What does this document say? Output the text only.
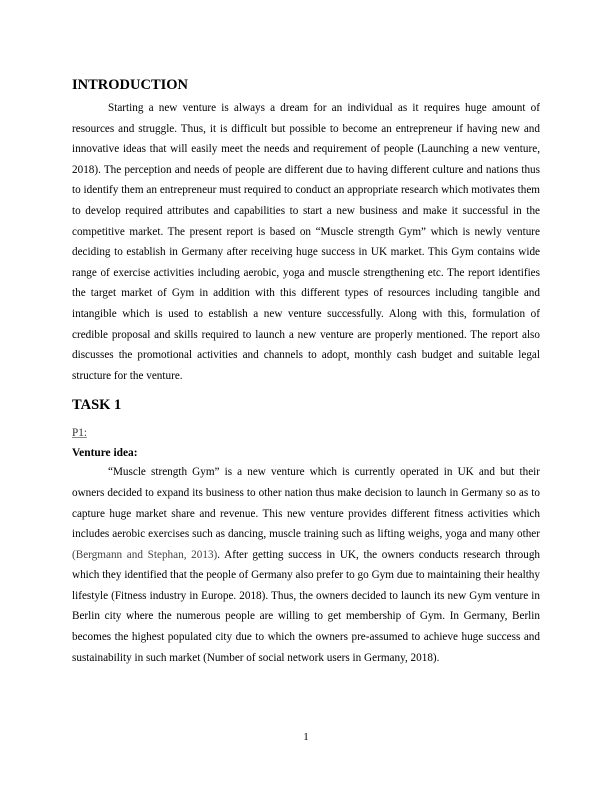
INTRODUCTION

Starting a new venture is always a dream for an individual as it requires huge amount of resources and struggle. Thus, it is difficult but possible to become an entrepreneur if having new and innovative ideas that will easily meet the needs and requirement of people (Launching a new venture, 2018). The perception and needs of people are different due to having different culture and nations thus to identify them an entrepreneur must required to conduct an appropriate research which motivates them to develop required attributes and capabilities to start a new business and make it successful in the competitive market. The present report is based on “Muscle strength Gym” which is newly venture deciding to establish in Germany after receiving huge success in UK market. This Gym contains wide range of exercise activities including aerobic, yoga and muscle strengthening etc. The report identifies the target market of Gym in addition with this different types of resources including tangible and intangible which is used to establish a new venture successfully. Along with this, formulation of credible proposal and skills required to launch a new venture are properly mentioned. The report also discusses the promotional activities and channels to adopt, monthly cash budget and suitable legal structure for the venture.

TASK 1
P1:
Venture idea:

“Muscle strength Gym” is a new venture which is currently operated in UK and but their owners decided to expand its business to other nation thus make decision to launch in Germany so as to capture huge market share and revenue. This new venture provides different fitness activities which includes aerobic exercises such as dancing, muscle training such as lifting weighs, yoga and many other (Bergmann and Stephan, 2013). After getting success in UK, the owners conducts research through which they identified that the people of Germany also prefer to go Gym due to maintaining their healthy lifestyle (Fitness industry in Europe. 2018). Thus, the owners decided to launch its new Gym venture in Berlin city where the numerous people are willing to get membership of Gym. In Germany, Berlin becomes the highest populated city due to which the owners pre-assumed to achieve huge success and sustainability in such market (Number of social network users in Germany, 2018).

1
